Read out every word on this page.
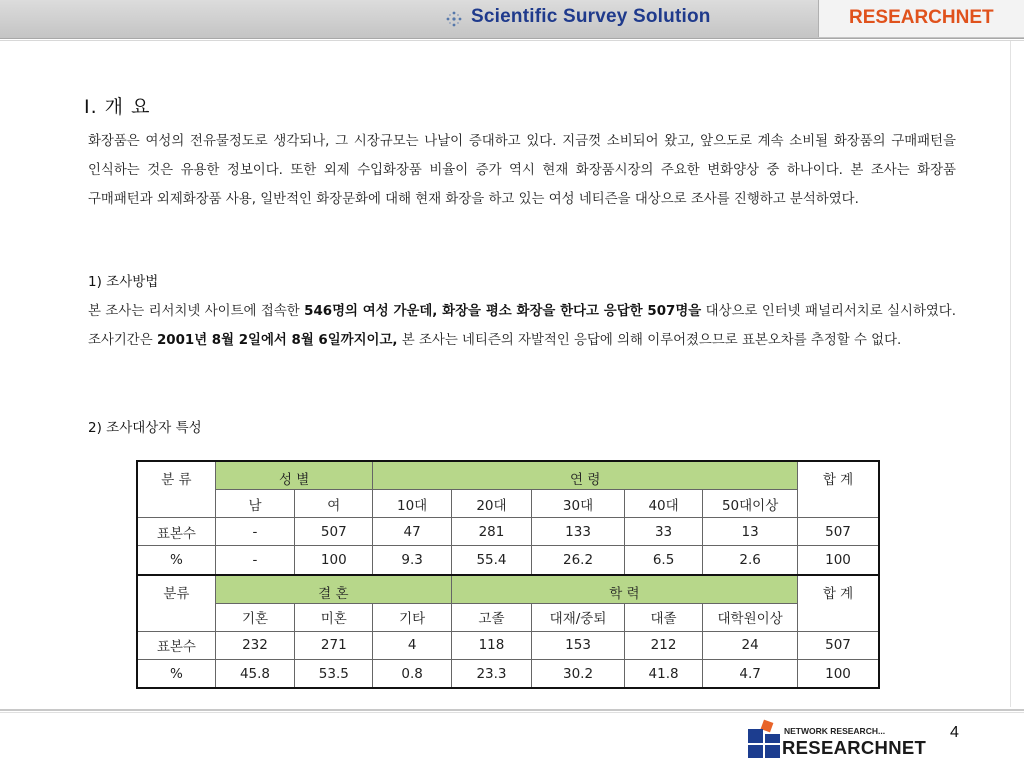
Scientific Survey Solution	RESEARCHNET
Ⅰ. 개 요
화장품은 여성의 전유물정도로 생각되나, 그 시장규모는 나날이 증대하고 있다. 지금껏 소비되어 왔고, 앞으도로 계속 소비될 화장품의 구매패턴을 인식하는 것은 유용한 정보이다. 또한 외제 수입화장품 비율이 증가 역시 현재 화장품시장의 주요한 변화양상 중 하나이다. 본 조사는 화장품 구매패턴과 외제화장품 사용, 일반적인 화장문화에 대해 현재 화장을 하고 있는 여성 네티즌을 대상으로 조사를 진행하고 분석하였다.
1) 조사방법
본 조사는 리서치넷 사이트에 접속한 546명의 여성 가운데, 화장을 평소 화장을 한다고 응답한 507명을 대상으로 인터넷 패널리서치로 실시하였다. 조사기간은 2001년 8월 2일에서 8월 6일까지이고, 본 조사는 네티즌의 자발적인 응답에 의해 이루어졌으므로 표본오차를 추정할 수 없다.
2) 조사대상자 특성
분 류	성 별		연 령					합 계
	남	여	10대	20대	30대	40대	50대이상	
표본수	-	507	47	281	133	33	13	507
%	-	100	9.3	55.4	26.2	6.5	2.6	100
분류	결 혼			학 력				합 계
	기혼	미혼	기타	고졸	대재/중퇴	대졸	대학원이상	
표본수	232	271	4	118	153	212	24	507
%	45.8	53.5	0.8	23.3	30.2	41.8	4.7	100
NETWORK RESEARCH...
RESEARCHNET
4
